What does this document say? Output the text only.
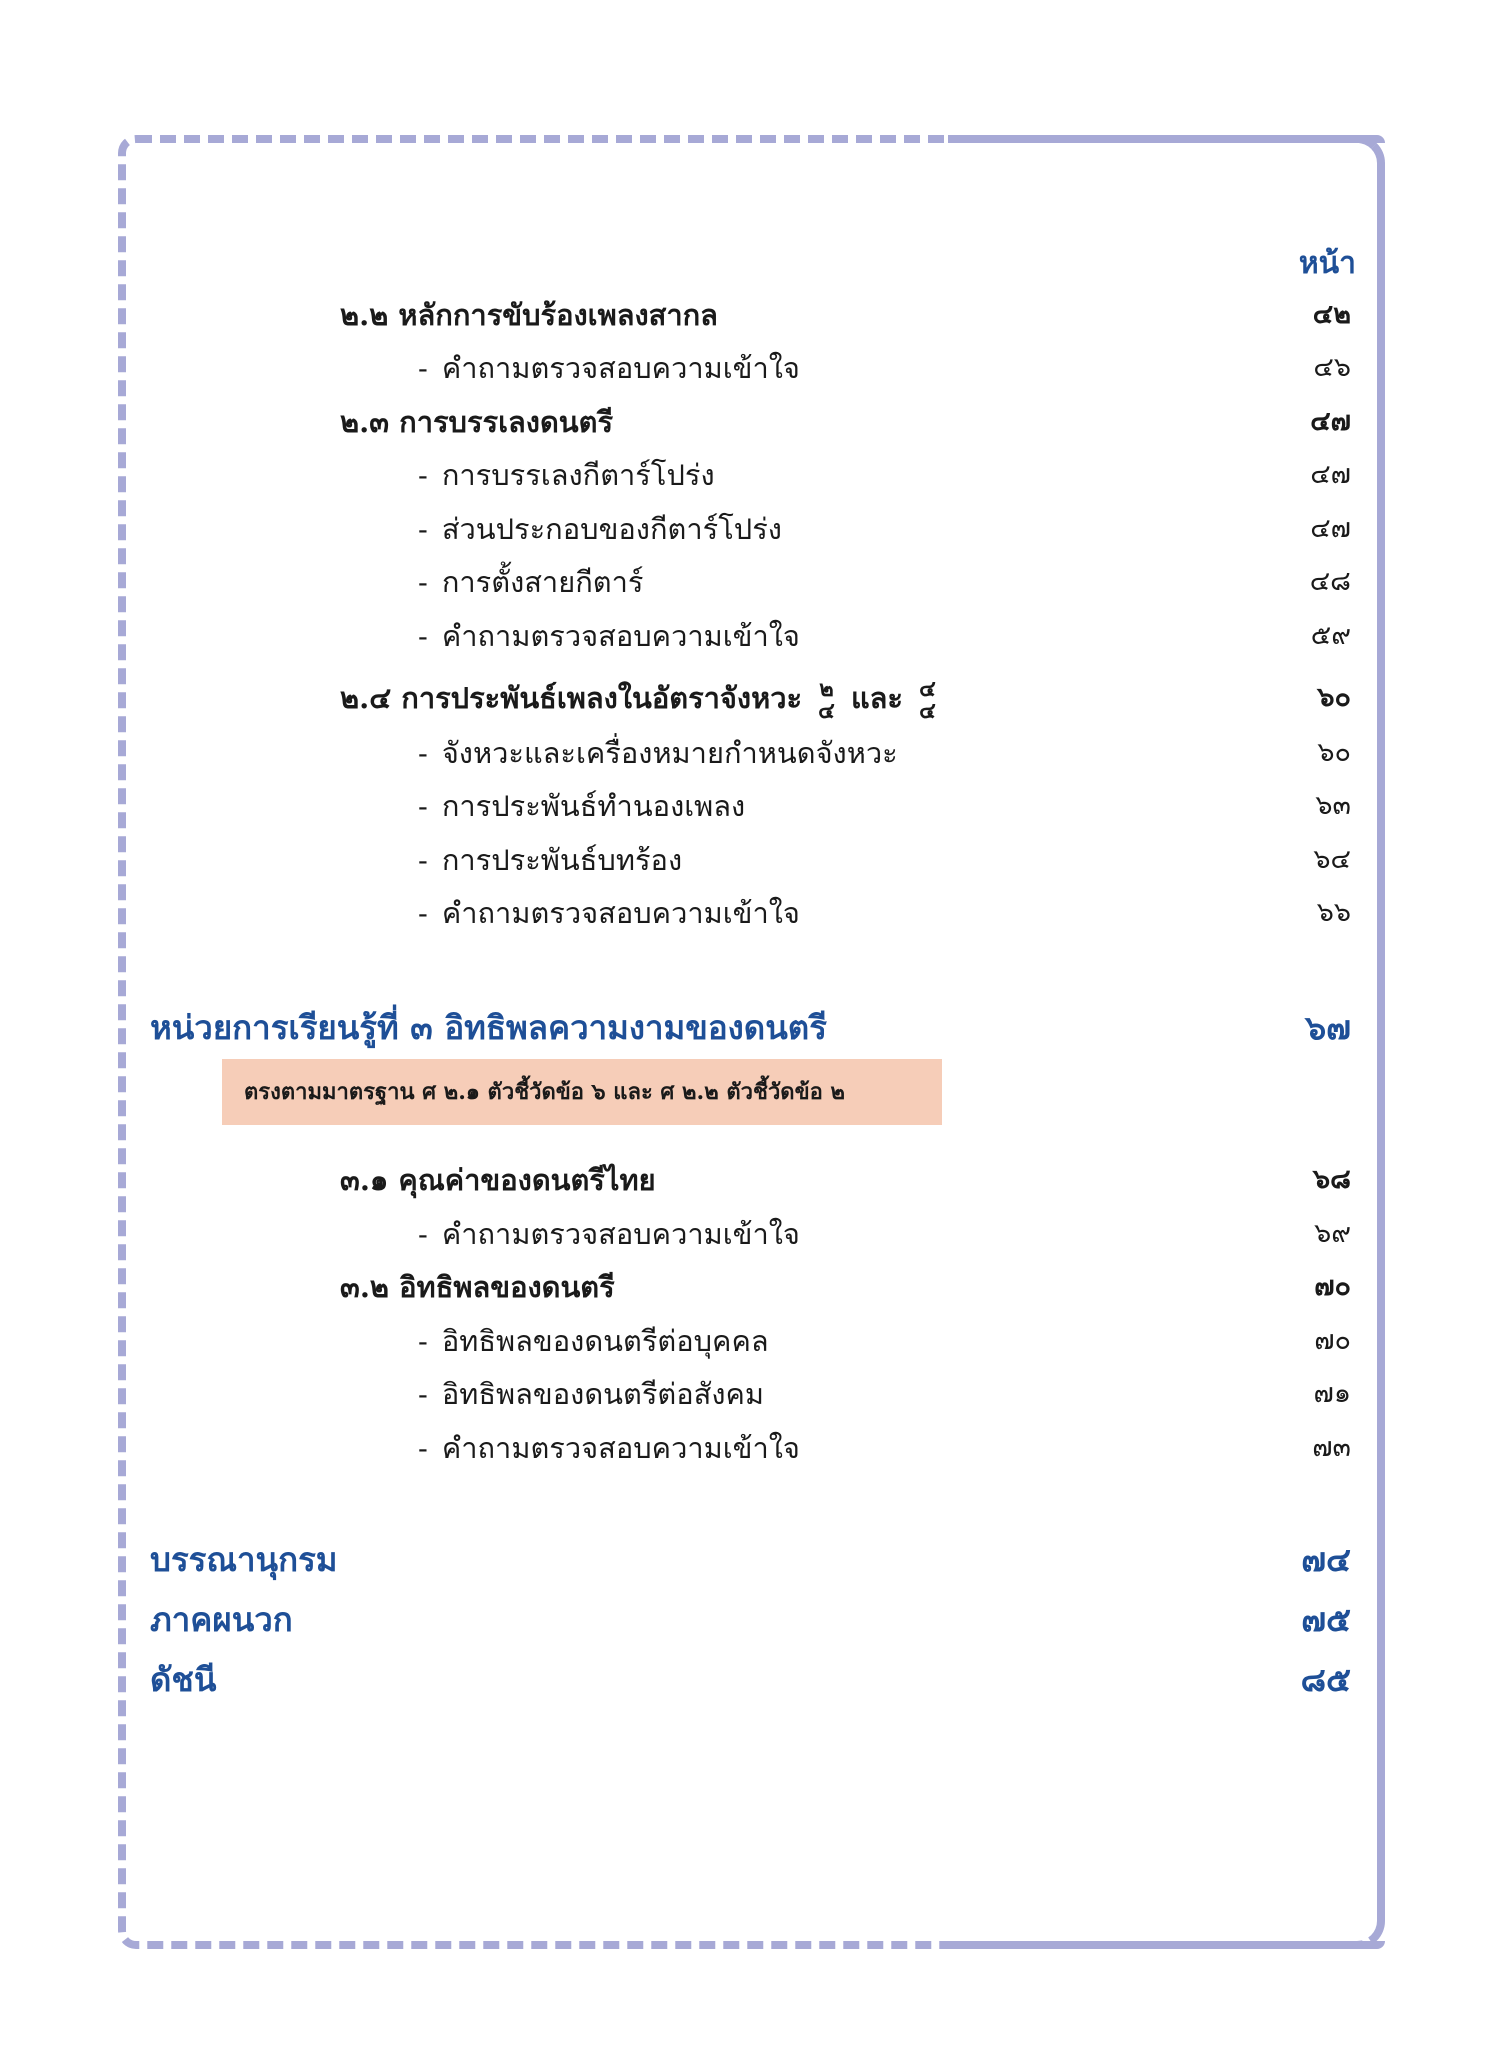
หน้า
๒.๒ หลักการขับร้องเพลงสากล	๔๒
- คำถามตรวจสอบความเข้าใจ	๔๖
๒.๓ การบรรเลงดนตรี	๔๗
- การบรรเลงกีตาร์โปร่ง	๔๗
- ส่วนประกอบของกีตาร์โปร่ง	๔๗
- การตั้งสายกีตาร์	๔๘
- คำถามตรวจสอบความเข้าใจ	๕๙
๒.๔ การประพันธ์เพลงในอัตราจังหวะ ๒
๔ และ ๔
๔	๖๐
- จังหวะและเครื่องหมายกำหนดจังหวะ	๖๐
- การประพันธ์ทำนองเพลง	๖๓
- การประพันธ์บทร้อง	๖๔
- คำถามตรวจสอบความเข้าใจ	๖๖
หน่วยการเรียนรู้ที่ ๓ อิทธิพลความงามของดนตรี	๖๗
ตรงตามมาตรฐาน ศ ๒.๑ ตัวชี้วัดข้อ ๖ และ ศ ๒.๒ ตัวชี้วัดข้อ ๒
๓.๑ คุณค่าของดนตรีไทย	๖๘
- คำถามตรวจสอบความเข้าใจ	๖๙
๓.๒ อิทธิพลของดนตรี	๗๐
- อิทธิพลของดนตรีต่อบุคคล	๗๐
- อิทธิพลของดนตรีต่อสังคม	๗๑
- คำถามตรวจสอบความเข้าใจ	๗๓
บรรณานุกรม	๗๔
ภาคผนวก	๗๕
ดัชนี	๘๕
